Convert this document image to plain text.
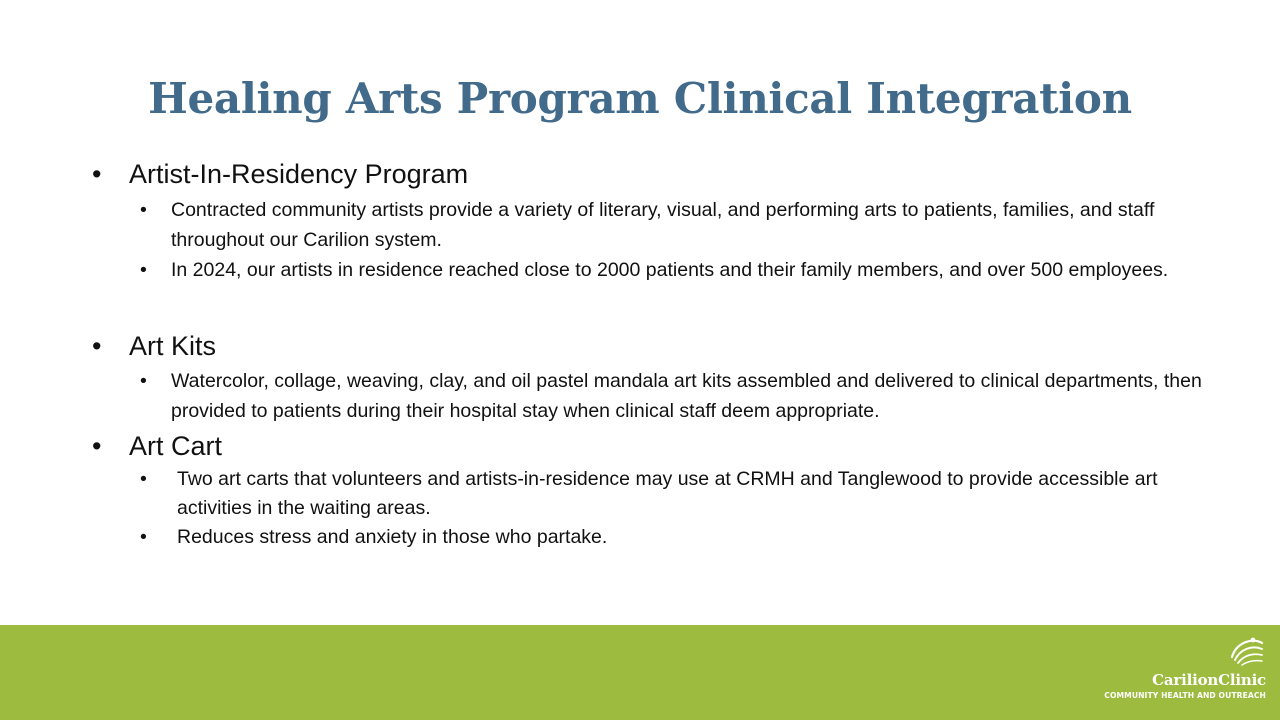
Healing Arts Program Clinical Integration
• Artist-In-Residency Program
• Contracted community artists provide a variety of literary, visual, and performing arts to patients, families, and staff throughout our Carilion system.
• In 2024, our artists in residence reached close to 2000 patients and their family members, and over 500 employees.
• Art Kits
• Watercolor, collage, weaving, clay, and oil pastel mandala art kits assembled and delivered to clinical departments, then provided to patients during their hospital stay when clinical staff deem appropriate.
• Art Cart
• Two art carts that volunteers and artists-in-residence may use at CRMH and Tanglewood to provide accessible art activities in the waiting areas.
• Reduces stress and anxiety in those who partake.
CarilionClinic
COMMUNITY HEALTH AND OUTREACH
